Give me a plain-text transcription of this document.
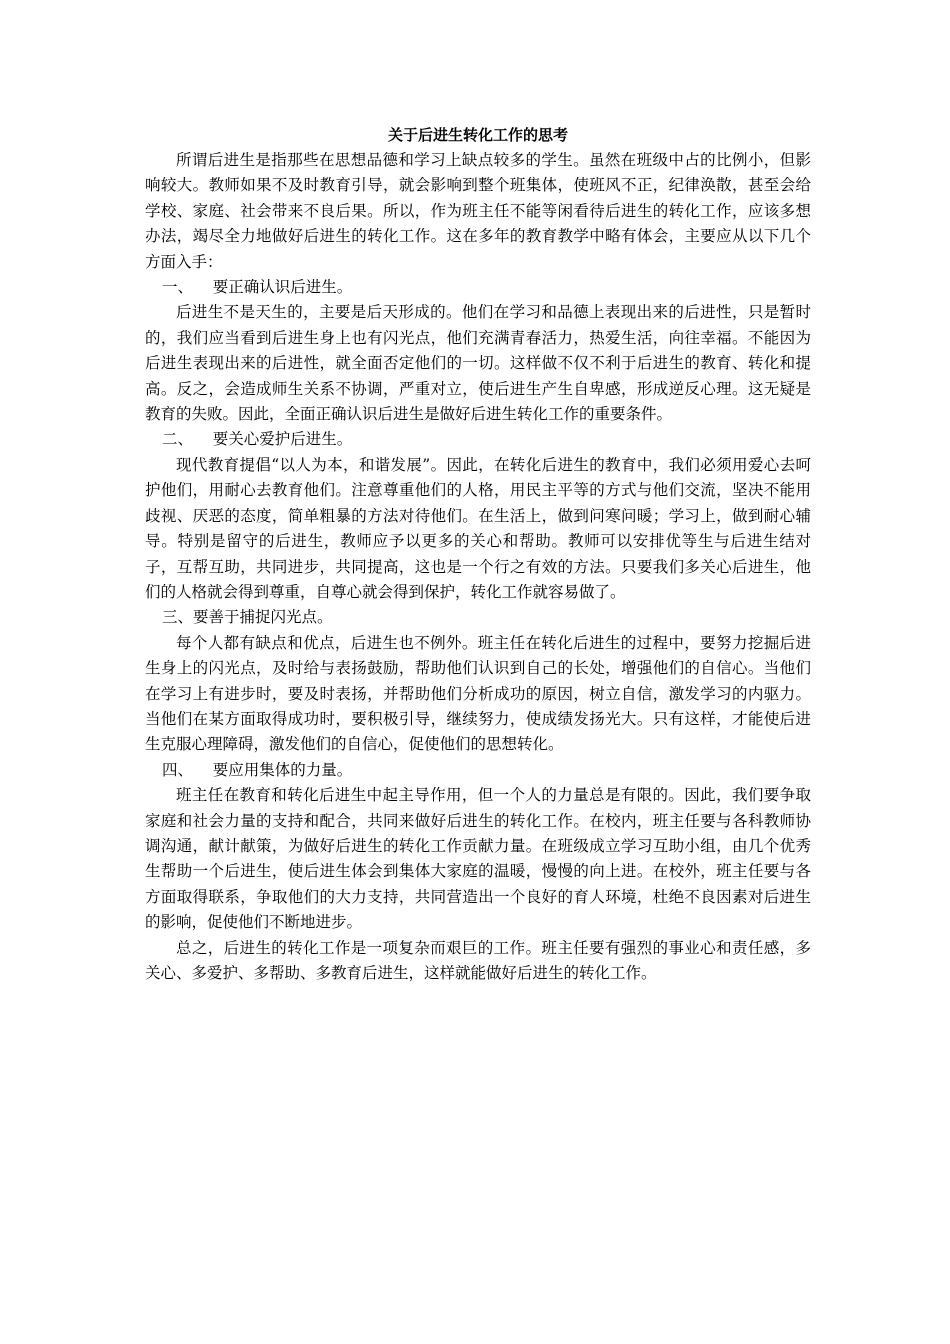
关于后进生转化工作的思考

所谓后进生是指那些在思想品德和学习上缺点较多的学生。虽然在班级中占的比例小，但影响较大。教师如果不及时教育引导，就会影响到整个班集体，使班风不正，纪律涣散，甚至会给学校、家庭、社会带来不良后果。所以，作为班主任不能等闲看待后进生的转化工作，应该多想办法，竭尽全力地做好后进生的转化工作。这在多年的教育教学中略有体会，主要应从以下几个方面入手：

一、    要正确认识后进生。

后进生不是天生的，主要是后天形成的。他们在学习和品德上表现出来的后进性，只是暂时的，我们应当看到后进生身上也有闪光点，他们充满青春活力，热爱生活，向往幸福。不能因为后进生表现出来的后进性，就全面否定他们的一切。这样做不仅不利于后进生的教育、转化和提高。反之，会造成师生关系不协调，严重对立，使后进生产生自卑感，形成逆反心理。这无疑是教育的失败。因此，全面正确认识后进生是做好后进生转化工作的重要条件。

二、    要关心爱护后进生。

现代教育提倡“以人为本，和谐发展”。因此，在转化后进生的教育中，我们必须用爱心去呵护他们，用耐心去教育他们。注意尊重他们的人格，用民主平等的方式与他们交流，坚决不能用歧视、厌恶的态度，简单粗暴的方法对待他们。在生活上，做到问寒问暖；学习上，做到耐心辅导。特别是留守的后进生，教师应予以更多的关心和帮助。教师可以安排优等生与后进生结对子，互帮互助，共同进步，共同提高，这也是一个行之有效的方法。只要我们多关心后进生，他们的人格就会得到尊重，自尊心就会得到保护，转化工作就容易做了。

三、要善于捕捉闪光点。

每个人都有缺点和优点，后进生也不例外。班主任在转化后进生的过程中，要努力挖掘后进生身上的闪光点，及时给与表扬鼓励，帮助他们认识到自己的长处，增强他们的自信心。当他们在学习上有进步时，要及时表扬，并帮助他们分析成功的原因，树立自信，激发学习的内驱力。当他们在某方面取得成功时，要积极引导，继续努力，使成绩发扬光大。只有这样，才能使后进生克服心理障碍，激发他们的自信心，促使他们的思想转化。

四、    要应用集体的力量。

班主任在教育和转化后进生中起主导作用，但一个人的力量总是有限的。因此，我们要争取家庭和社会力量的支持和配合，共同来做好后进生的转化工作。在校内，班主任要与各科教师协调沟通，献计献策，为做好后进生的转化工作贡献力量。在班级成立学习互助小组，由几个优秀生帮助一个后进生，使后进生体会到集体大家庭的温暖，慢慢的向上进。在校外，班主任要与各方面取得联系，争取他们的大力支持，共同营造出一个良好的育人环境，杜绝不良因素对后进生的影响，促使他们不断地进步。

总之，后进生的转化工作是一项复杂而艰巨的工作。班主任要有强烈的事业心和责任感，多关心、多爱护、多帮助、多教育后进生，这样就能做好后进生的转化工作。
